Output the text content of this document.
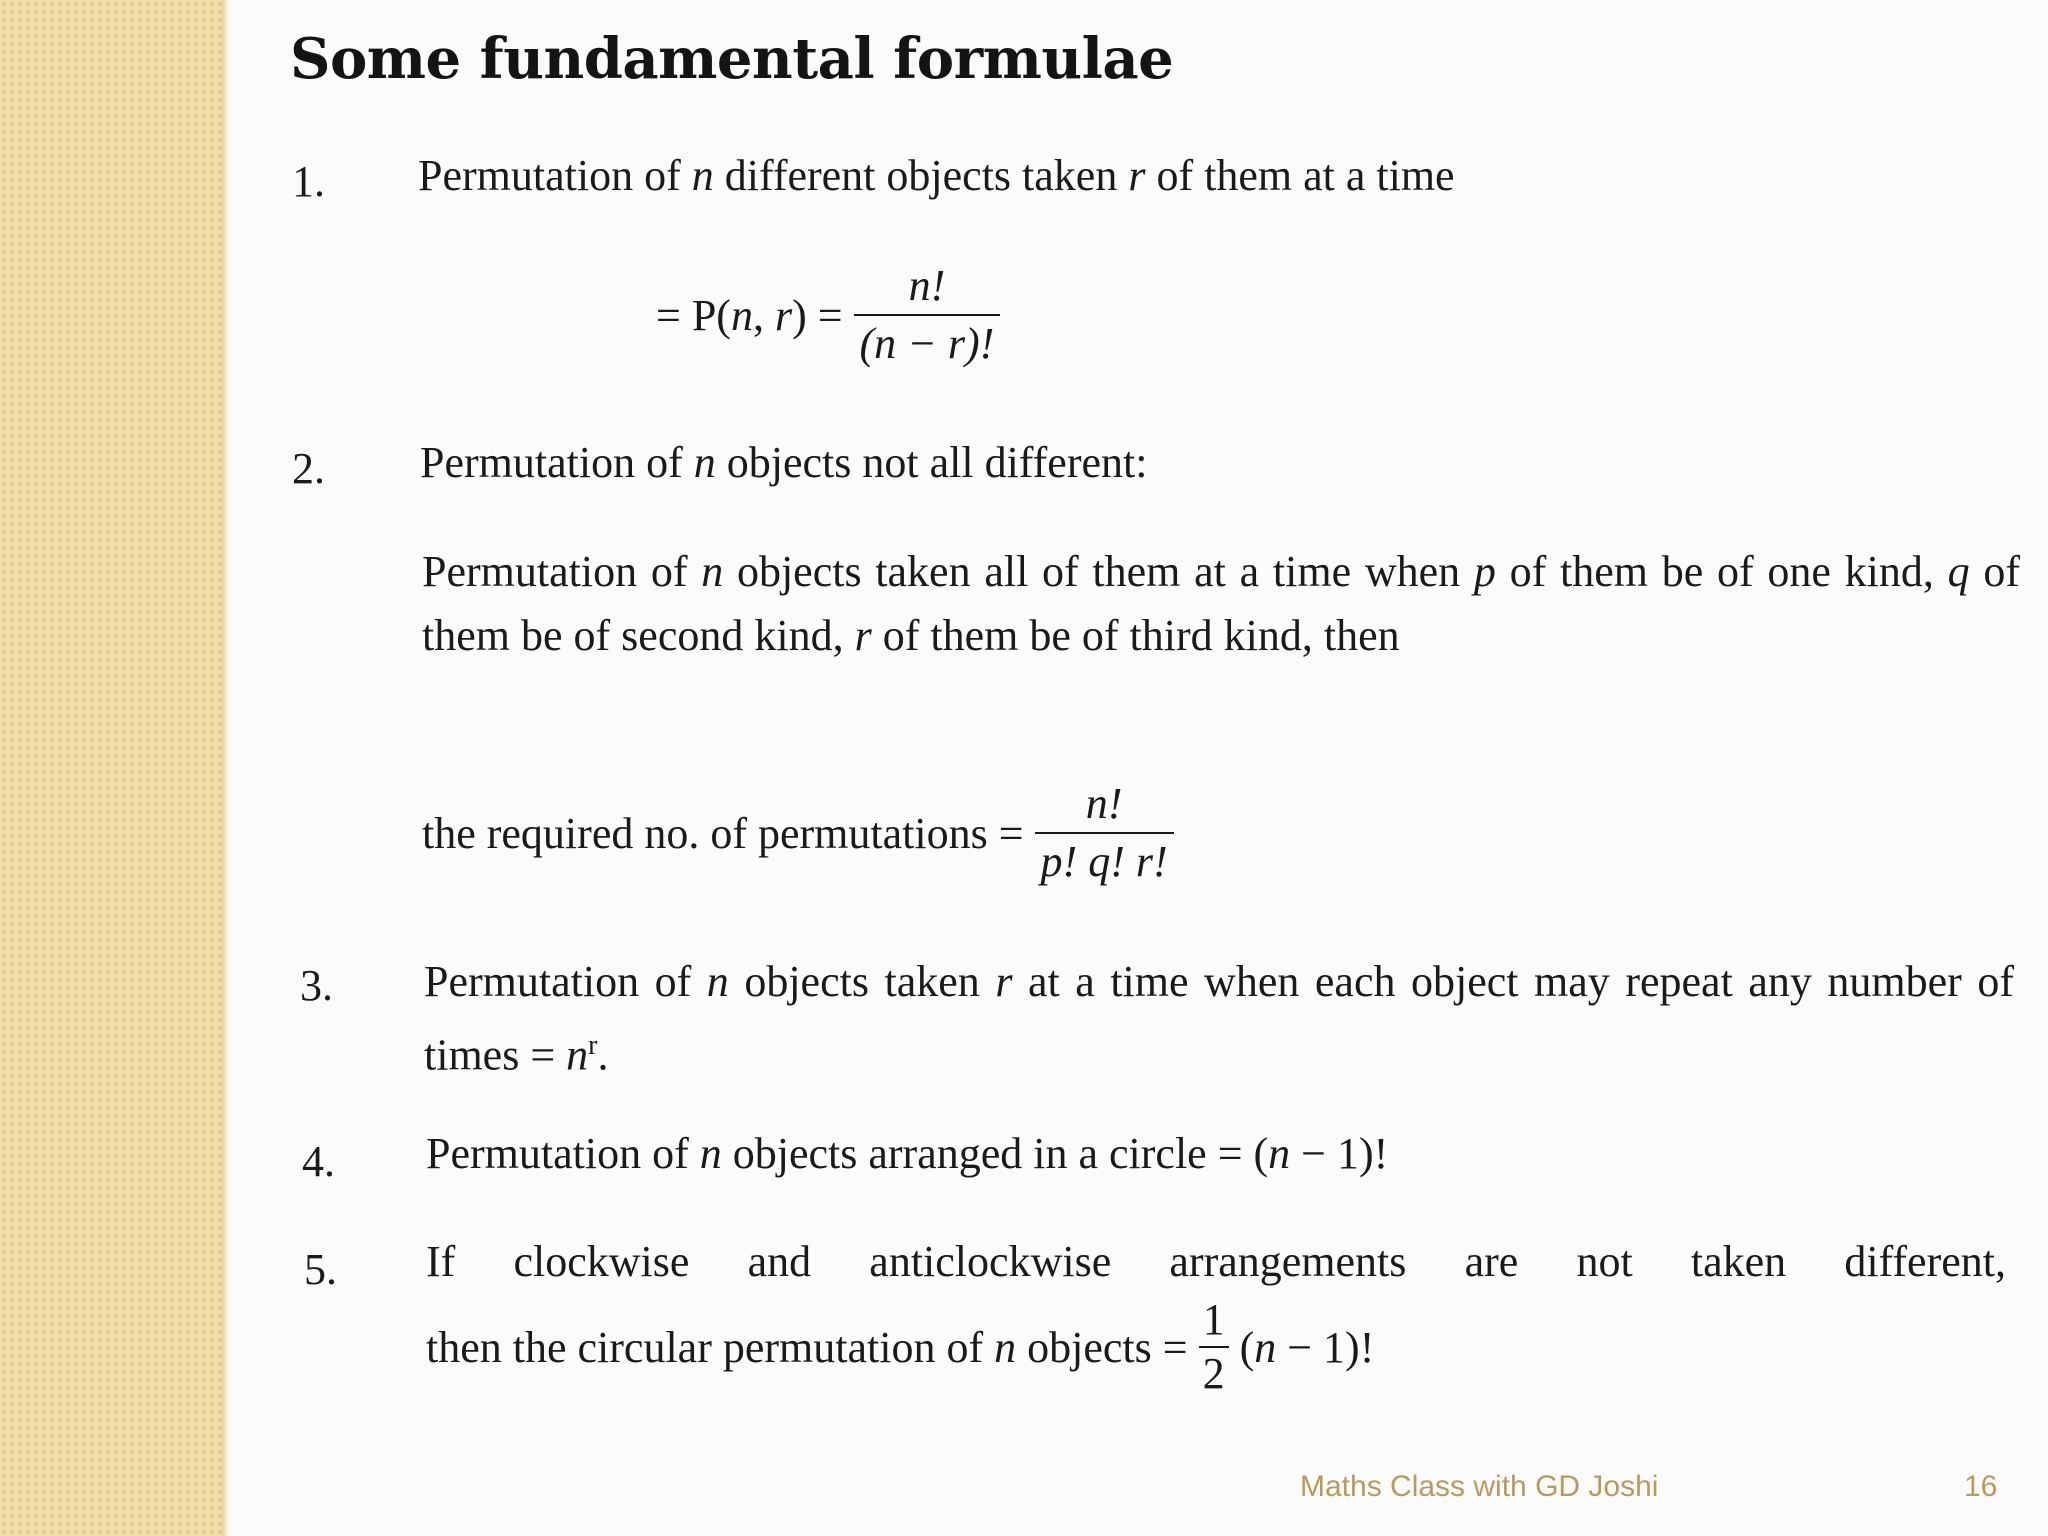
Some fundamental formulae
1. Permutation of n different objects taken r of them at a time
= P(n, $r) = \frac{n!}{(n - r)!}$
2. Permutation of n objects not all different:
Permutation of n objects taken all of them at a time when p of them be of one kind, q of them be of second kind, r of them be of third kind, then
the required no. of permutations = $\frac{n!}{p! q! r!}$
3. Permutation of n objects taken r at a time when each object may repeat any number of times = $n^r$.
4. Permutation of n objects arranged in a circle = (n − 1)!
5. If clockwise and anticlockwise arrangements are not taken different,
then the circular permutation of n objects = $\frac{1}{2} (n - 1)$!
Maths Class with GD Joshi	16
